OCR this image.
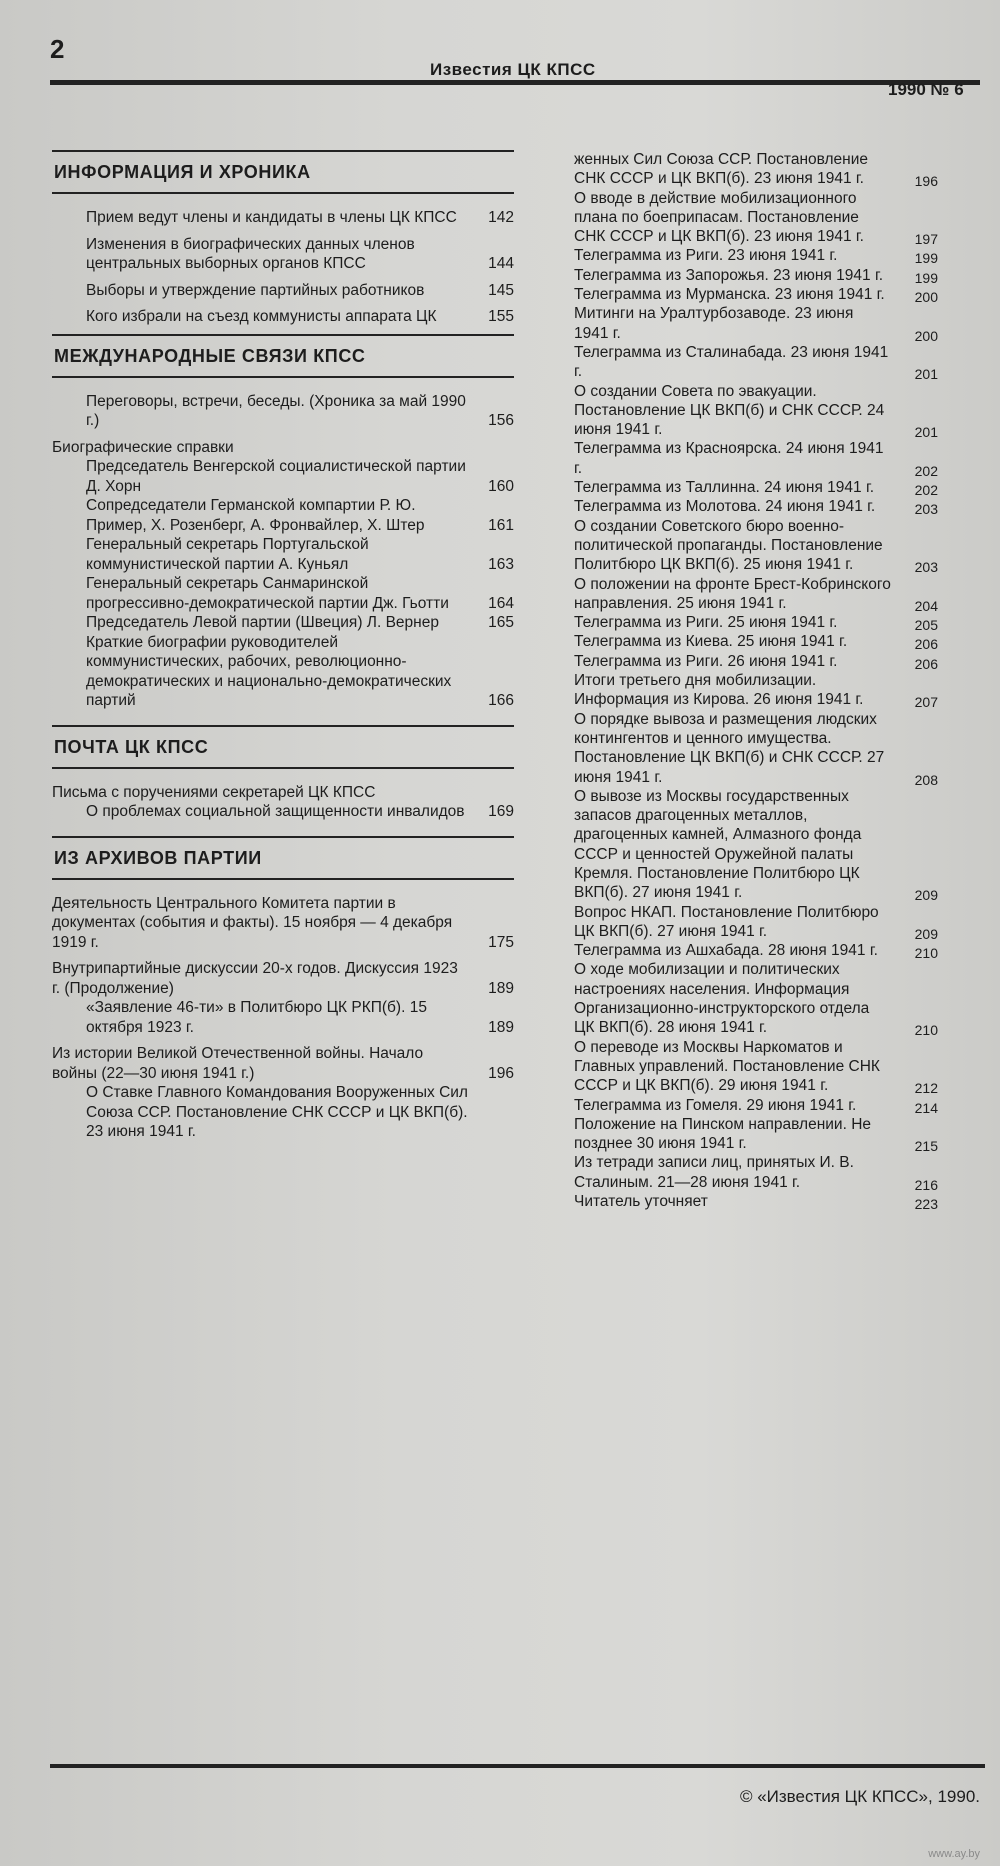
2
Известия ЦК КПСС
1990 № 6
ИНФОРМАЦИЯ И ХРОНИКА
Прием ведут члены и кандидаты в члены ЦК КПСС	142
Изменения в биографических данных членов центральных выборных органов КПСС	144
Выборы и утверждение партийных работников	145
Кого избрали на съезд коммунисты аппарата ЦК	155
МЕЖДУНАРОДНЫЕ СВЯЗИ КПСС
Переговоры, встречи, беседы. (Хроника за май 1990 г.)	156
Биографические справки
Председатель Венгерской социалистической партии Д. Хорн	160
Сопредседатели Германской компартии Р. Ю. Пример, Х. Розенберг, А. Фронвайлер, Х. Штер	161
Генеральный секретарь Португальской коммунистической партии А. Куньял	163
Генеральный секретарь Санмаринской прогрессивно-демократической партии Дж. Гьотти	164
Председатель Левой партии (Швеция) Л. Вернер	165
Краткие биографии руководителей коммунистических, рабочих, революционно-демократических и национально-демократических партий	166
ПОЧТА ЦК КПСС
Письма с поручениями секретарей ЦК КПСС
О проблемах социальной защищенности инвалидов 169
ИЗ АРХИВОВ ПАРТИИ
Деятельность Центрального Комитета партии в документах (события и факты). 15 ноября — 4 декабря 1919 г.	175
Внутрипартийные дискуссии 20-х годов. Дискуссия 1923 г. (Продолжение)	189
«Заявление 46-ти» в Политбюро ЦК РКП(б). 15 октября 1923 г.	189
Из истории Великой Отечественной войны. Начало войны (22—30 июня 1941 г.)	196
О Ставке Главного Командования Вооруженных Сил Союза ССР. Постановление СНК СССР и ЦК ВКП(б). 23 июня 1941 г.
женных Сил Союза ССР. Постановление СНК СССР и ЦК ВКП(б). 23 июня 1941 г.	196
О вводе в действие мобилизационного плана по боеприпасам. Постановление СНК СССР и ЦК ВКП(б). 23 июня 1941 г.	197
Телеграмма из Риги. 23 июня 1941 г.	199
Телеграмма из Запорожья. 23 июня 1941 г.	199
Телеграмма из Мурманска. 23 июня 1941 г.	200
Митинги на Уралтурбозаводе. 23 июня 1941 г.	200
Телеграмма из Сталинабада. 23 июня 1941 г.	201
О создании Совета по эвакуации. Постановление ЦК ВКП(б) и СНК СССР. 24 июня 1941 г.	201
Телеграмма из Красноярска. 24 июня 1941 г.	202
Телеграмма из Таллинна. 24 июня 1941 г.	202
Телеграмма из Молотова. 24 июня 1941 г.	203
О создании Советского бюро военно-политической пропаганды. Постановление Политбюро ЦК ВКП(б). 25 июня 1941 г.	203
О положении на фронте Брест-Кобринского направления. 25 июня 1941 г.	204
Телеграмма из Риги. 25 июня 1941 г.	205
Телеграмма из Киева. 25 июня 1941 г.	206
Телеграмма из Риги. 26 июня 1941 г.	206
Итоги третьего дня мобилизации. Информация из Кирова. 26 июня 1941 г.	207
О порядке вывоза и размещения людских контингентов и ценного имущества. Постановление ЦК ВКП(б) и СНК СССР. 27 июня 1941 г.	208
О вывозе из Москвы государственных запасов драгоценных металлов, драгоценных камней, Алмазного фонда СССР и ценностей Оружейной палаты Кремля. Постановление Политбюро ЦК ВКП(б). 27 июня 1941 г.	209
Вопрос НКАП. Постановление Политбюро ЦК ВКП(б). 27 июня 1941 г.	209
Телеграмма из Ашхабада. 28 июня 1941 г.	210
О ходе мобилизации и политических настроениях населения. Информация Организационно-инструкторского отдела ЦК ВКП(б). 28 июня 1941 г.	210
О переводе из Москвы Наркоматов и Главных управлений. Постановление СНК СССР и ЦК ВКП(б). 29 июня 1941 г.	212
Телеграмма из Гомеля. 29 июня 1941 г.	214
Положение на Пинском направлении. Не позднее 30 июня 1941 г.	215
Из тетради записи лиц, принятых И. В. Сталиным. 21—28 июня 1941 г.	216
Читатель уточняет	223
© «Известия ЦК КПСС», 1990.
www.ay.by
